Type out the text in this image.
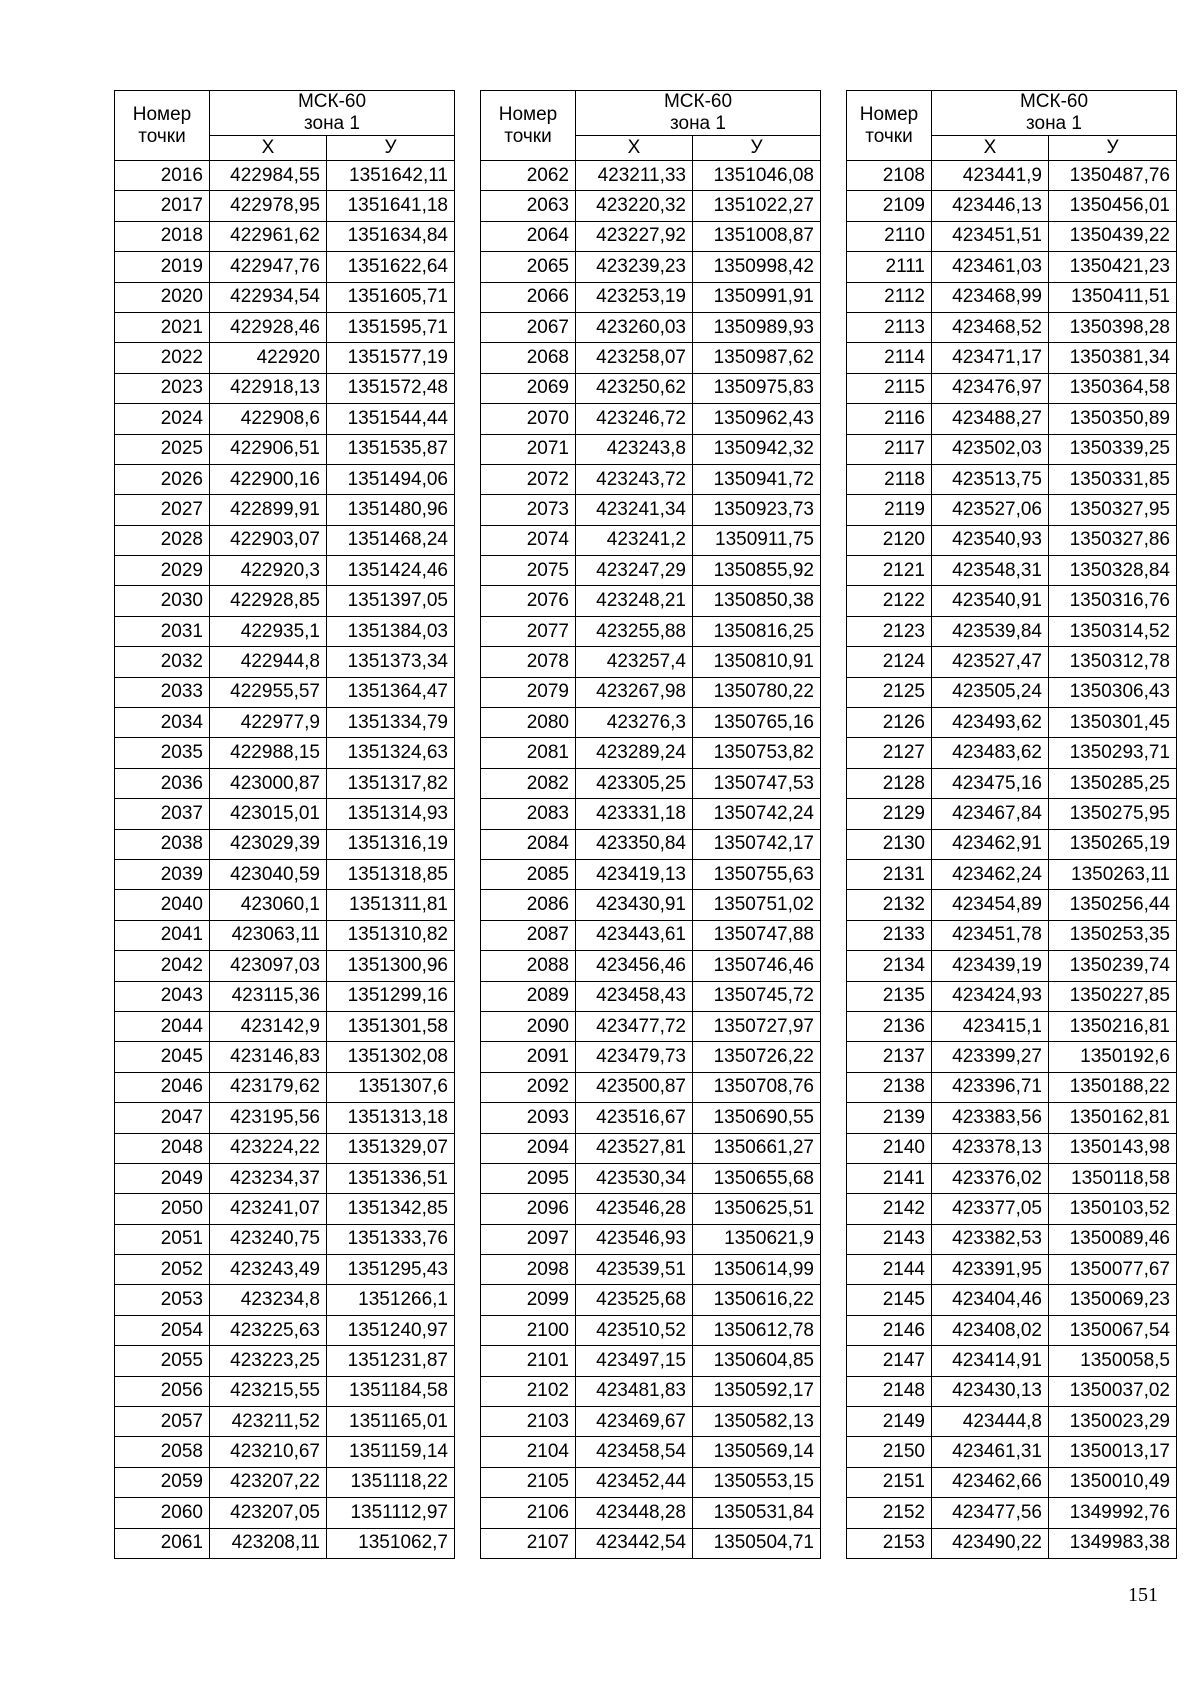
Номер
точки	МСК-60
зона 1	
	Х	У
2016	422984,55	1351642,11
2017	422978,95	1351641,18
2018	422961,62	1351634,84
2019	422947,76	1351622,64
2020	422934,54	1351605,71
2021	422928,46	1351595,71
2022	422920	1351577,19
2023	422918,13	1351572,48
2024	422908,6	1351544,44
2025	422906,51	1351535,87
2026	422900,16	1351494,06
2027	422899,91	1351480,96
2028	422903,07	1351468,24
2029	422920,3	1351424,46
2030	422928,85	1351397,05
2031	422935,1	1351384,03
2032	422944,8	1351373,34
2033	422955,57	1351364,47
2034	422977,9	1351334,79
2035	422988,15	1351324,63
2036	423000,87	1351317,82
2037	423015,01	1351314,93
2038	423029,39	1351316,19
2039	423040,59	1351318,85
2040	423060,1	1351311,81
2041	423063,11	1351310,82
2042	423097,03	1351300,96
2043	423115,36	1351299,16
2044	423142,9	1351301,58
2045	423146,83	1351302,08
2046	423179,62	1351307,6
2047	423195,56	1351313,18
2048	423224,22	1351329,07
2049	423234,37	1351336,51
2050	423241,07	1351342,85
2051	423240,75	1351333,76
2052	423243,49	1351295,43
2053	423234,8	1351266,1
2054	423225,63	1351240,97
2055	423223,25	1351231,87
2056	423215,55	1351184,58
2057	423211,52	1351165,01
2058	423210,67	1351159,14
2059	423207,22	1351118,22
2060	423207,05	1351112,97
2061	423208,11	1351062,7
Номер
точки	МСК-60
зона 1	
	Х	У
2062	423211,33	1351046,08
2063	423220,32	1351022,27
2064	423227,92	1351008,87
2065	423239,23	1350998,42
2066	423253,19	1350991,91
2067	423260,03	1350989,93
2068	423258,07	1350987,62
2069	423250,62	1350975,83
2070	423246,72	1350962,43
2071	423243,8	1350942,32
2072	423243,72	1350941,72
2073	423241,34	1350923,73
2074	423241,2	1350911,75
2075	423247,29	1350855,92
2076	423248,21	1350850,38
2077	423255,88	1350816,25
2078	423257,4	1350810,91
2079	423267,98	1350780,22
2080	423276,3	1350765,16
2081	423289,24	1350753,82
2082	423305,25	1350747,53
2083	423331,18	1350742,24
2084	423350,84	1350742,17
2085	423419,13	1350755,63
2086	423430,91	1350751,02
2087	423443,61	1350747,88
2088	423456,46	1350746,46
2089	423458,43	1350745,72
2090	423477,72	1350727,97
2091	423479,73	1350726,22
2092	423500,87	1350708,76
2093	423516,67	1350690,55
2094	423527,81	1350661,27
2095	423530,34	1350655,68
2096	423546,28	1350625,51
2097	423546,93	1350621,9
2098	423539,51	1350614,99
2099	423525,68	1350616,22
2100	423510,52	1350612,78
2101	423497,15	1350604,85
2102	423481,83	1350592,17
2103	423469,67	1350582,13
2104	423458,54	1350569,14
2105	423452,44	1350553,15
2106	423448,28	1350531,84
2107	423442,54	1350504,71
Номер
точки	МСК-60
зона 1	
	Х	У
2108	423441,9	1350487,76
2109	423446,13	1350456,01
2110	423451,51	1350439,22
2111	423461,03	1350421,23
2112	423468,99	1350411,51
2113	423468,52	1350398,28
2114	423471,17	1350381,34
2115	423476,97	1350364,58
2116	423488,27	1350350,89
2117	423502,03	1350339,25
2118	423513,75	1350331,85
2119	423527,06	1350327,95
2120	423540,93	1350327,86
2121	423548,31	1350328,84
2122	423540,91	1350316,76
2123	423539,84	1350314,52
2124	423527,47	1350312,78
2125	423505,24	1350306,43
2126	423493,62	1350301,45
2127	423483,62	1350293,71
2128	423475,16	1350285,25
2129	423467,84	1350275,95
2130	423462,91	1350265,19
2131	423462,24	1350263,11
2132	423454,89	1350256,44
2133	423451,78	1350253,35
2134	423439,19	1350239,74
2135	423424,93	1350227,85
2136	423415,1	1350216,81
2137	423399,27	1350192,6
2138	423396,71	1350188,22
2139	423383,56	1350162,81
2140	423378,13	1350143,98
2141	423376,02	1350118,58
2142	423377,05	1350103,52
2143	423382,53	1350089,46
2144	423391,95	1350077,67
2145	423404,46	1350069,23
2146	423408,02	1350067,54
2147	423414,91	1350058,5
2148	423430,13	1350037,02
2149	423444,8	1350023,29
2150	423461,31	1350013,17
2151	423462,66	1350010,49
2152	423477,56	1349992,76
2153	423490,22	1349983,38
151
